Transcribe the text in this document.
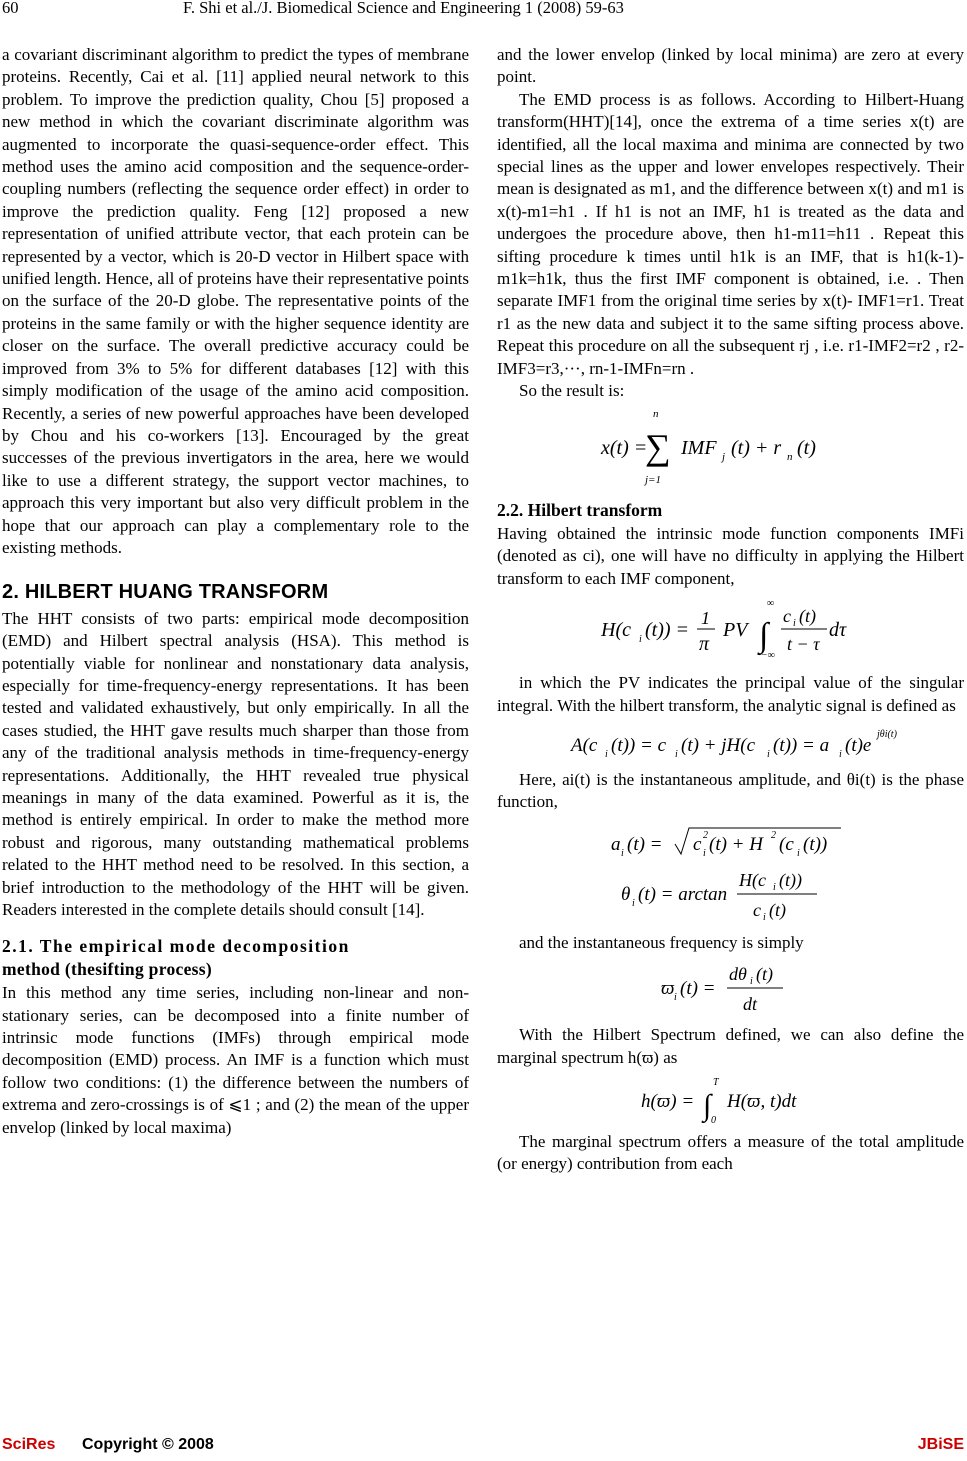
60	F. Shi et al./J. Biomedical Science and Engineering 1 (2008) 59-63

a covariant discriminant algorithm to predict the types of membrane proteins. Recently, Cai et al. [11] applied neural network to this problem. To improve the prediction quality, Chou [5] proposed a new method in which the covariant discriminate algorithm was augmented to incorporate the quasi-sequence-order effect. This method uses the amino acid composition and the sequence-order-coupling numbers (reflecting the sequence order effect) in order to improve the prediction quality. Feng [12] proposed a new representation of unified attribute vector, that each protein can be represented by a vector, which is 20-D vector in Hilbert space with unified length. Hence, all of proteins have their representative points on the surface of the 20-D globe. The representative points of the proteins in the same family or with the higher sequence identity are closer on the surface. The overall predictive accuracy could be improved from 3% to 5% for different databases [12] with this simply modification of the usage of the amino acid composition. Recently, a series of new powerful approaches have been developed by Chou and his co-workers [13]. Encouraged by the great successes of the previous invertigators in the area, here we would like to use a different strategy, the support vector machines, to approach this very important but also very difficult problem in the hope that our approach can play a complementary role to the existing methods.

2. HILBERT HUANG TRANSFORM

The HHT consists of two parts: empirical mode decomposition (EMD) and Hilbert spectral analysis (HSA). This method is potentially viable for nonlinear and nonstationary data analysis, especially for time-frequency-energy representations. It has been tested and validated exhaustively, but only empirically. In all the cases studied, the HHT gave results much sharper than those from any of the traditional analysis methods in time-frequency-energy representations. Additionally, the HHT revealed true physical meanings in many of the data examined. Powerful as it is, the method is entirely empirical. In order to make the method more robust and rigorous, many outstanding mathematical problems related to the HHT method need to be resolved. In this section, a brief introduction to the methodology of the HHT will be given. Readers interested in the complete details should consult [14].

2.1. The empirical mode decomposition
method (thesifting process)

In this method any time series, including non-linear and non-stationary series, can be decomposed into a finite number of intrinsic mode functions (IMFs) through empirical mode decomposition (EMD) process. An IMF is a function which must follow two conditions: (1) the difference between the numbers of extrema and zero-crossings is of ⩽1 ; and (2) the mean of the upper envelop (linked by local maxima)

and the lower envelop (linked by local minima) are zero at every point.

The EMD process is as follows. According to Hilbert-Huang transform(HHT)[14], once the extrema of a time series x(t) are identified, all the local maxima and minima are connected by two special lines as the upper and lower envelopes respectively. Their mean is designated as m1, and the difference between x(t) and m1 is x(t)-m1=h1 . If h1 is not an IMF, h1 is treated as the data and undergoes the procedure above, then h1-m11=h11 . Repeat this sifting procedure k times until h1k is an IMF, that is h1(k-1)-m1k=h1k, thus the first IMF component is obtained, i.e. . Then separate IMF1 from the original time series by x(t)- IMF1=r1. Treat r1 as the new data and subject it to the same sifting process above. Repeat this procedure on all the subsequent rj , i.e. r1-IMF2=r2 , r2-IMF3=r3,···, rn-1-IMFn=rn .

So the result is:

n
x(t) =
∑ IMF j (t) + r n (t)
j=1
2.2. Hilbert transform

Having obtained the intrinsic mode function components IMFi (denoted as ci), one will have no difficulty in applying the Hilbert transform to each IMF component,

H(c i (t)) =
1
π
PV ∫
∞
−∞
c i (t)
t − τ
dτ

in which the PV indicates the principal value of the singular integral. With the hilbert transform, the analytic signal is defined as

A(c i (t)) = c i (t) + jH(c i (t)) = a i (t)e
jθi(t)

Here, ai(t) is the instantaneous amplitude, and θi(t) is the phase function,

a i (t) = c i
2 (t) + H 2 (c i (t))
θ i (t) = arctan
H(c i (t))
c i (t)

and the instantaneous frequency is simply

ϖ i (t) =
dθ i (t)
dt

With the Hilbert Spectrum defined, we can also define the marginal spectrum h(ϖ) as

h(ϖ) = ∫
T
0
H(ϖ, t)dt

The marginal spectrum offers a measure of the total amplitude (or energy) contribution from each

SciRes Copyright © 2008	JBiSE
